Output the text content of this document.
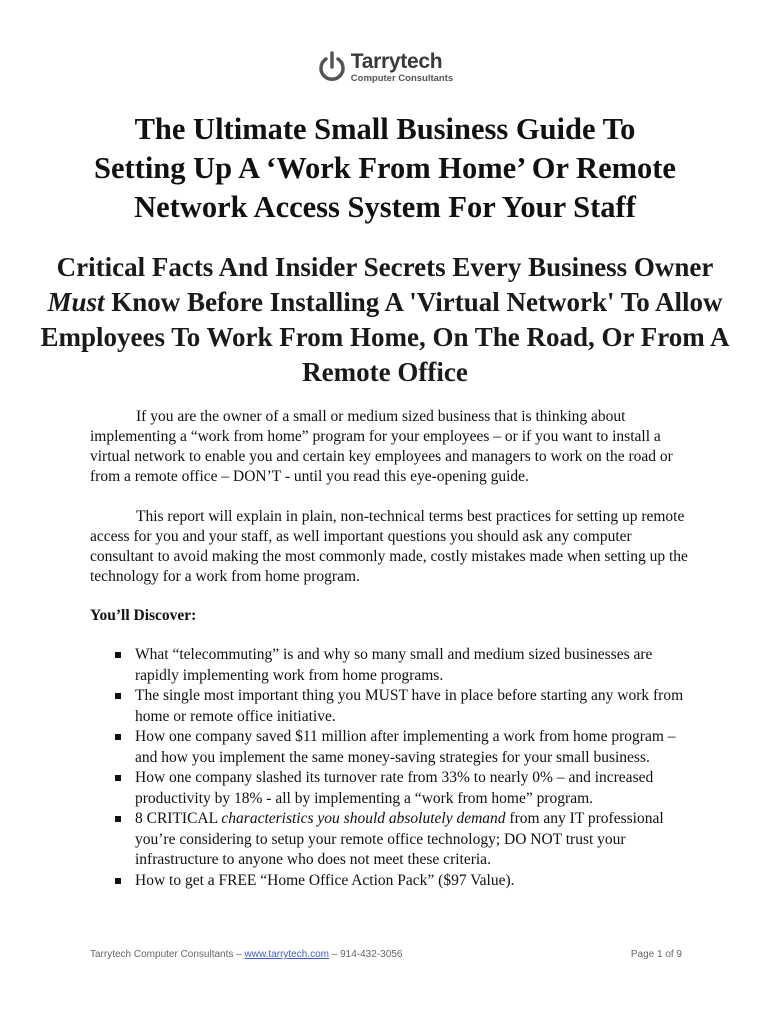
Tarrytech
Computer Consultants
The Ultimate Small Business Guide To
Setting Up A ‘Work From Home’ Or Remote
Network Access System For Your Staff
Critical Facts And Insider Secrets Every Business Owner
Must Know Before Installing A 'Virtual Network' To Allow Employees To Work From Home, On The Road, Or From A Remote Office

If you are the owner of a small or medium sized business that is thinking about implementing a “work from home” program for your employees – or if you want to install a virtual network to enable you and certain key employees and managers to work on the road or from a remote office – DON’T - until you read this eye-opening guide.

This report will explain in plain, non-technical terms best practices for setting up remote access for you and your staff, as well important questions you should ask any computer consultant to avoid making the most commonly made, costly mistakes made when setting up the technology for a work from home program.

You’ll Discover:
What “telecommuting” is and why so many small and medium sized businesses are rapidly implementing work from home programs.
The single most important thing you MUST have in place before starting any work from home or remote office initiative.
How one company saved $11 million after implementing a work from home program – and how you implement the same money-saving strategies for your small business.
How one company slashed its turnover rate from 33% to nearly 0% – and increased productivity by 18% - all by implementing a “work from home” program.
8 CRITICAL characteristics you should absolutely demand from any IT professional you’re considering to setup your remote office technology; DO NOT trust your infrastructure to anyone who does not meet these criteria.
How to get a FREE “Home Office Action Pack” ($97 Value).
Tarrytech Computer Consultants – www.tarrytech.com – 914-432-3056	Page 1 of 9
